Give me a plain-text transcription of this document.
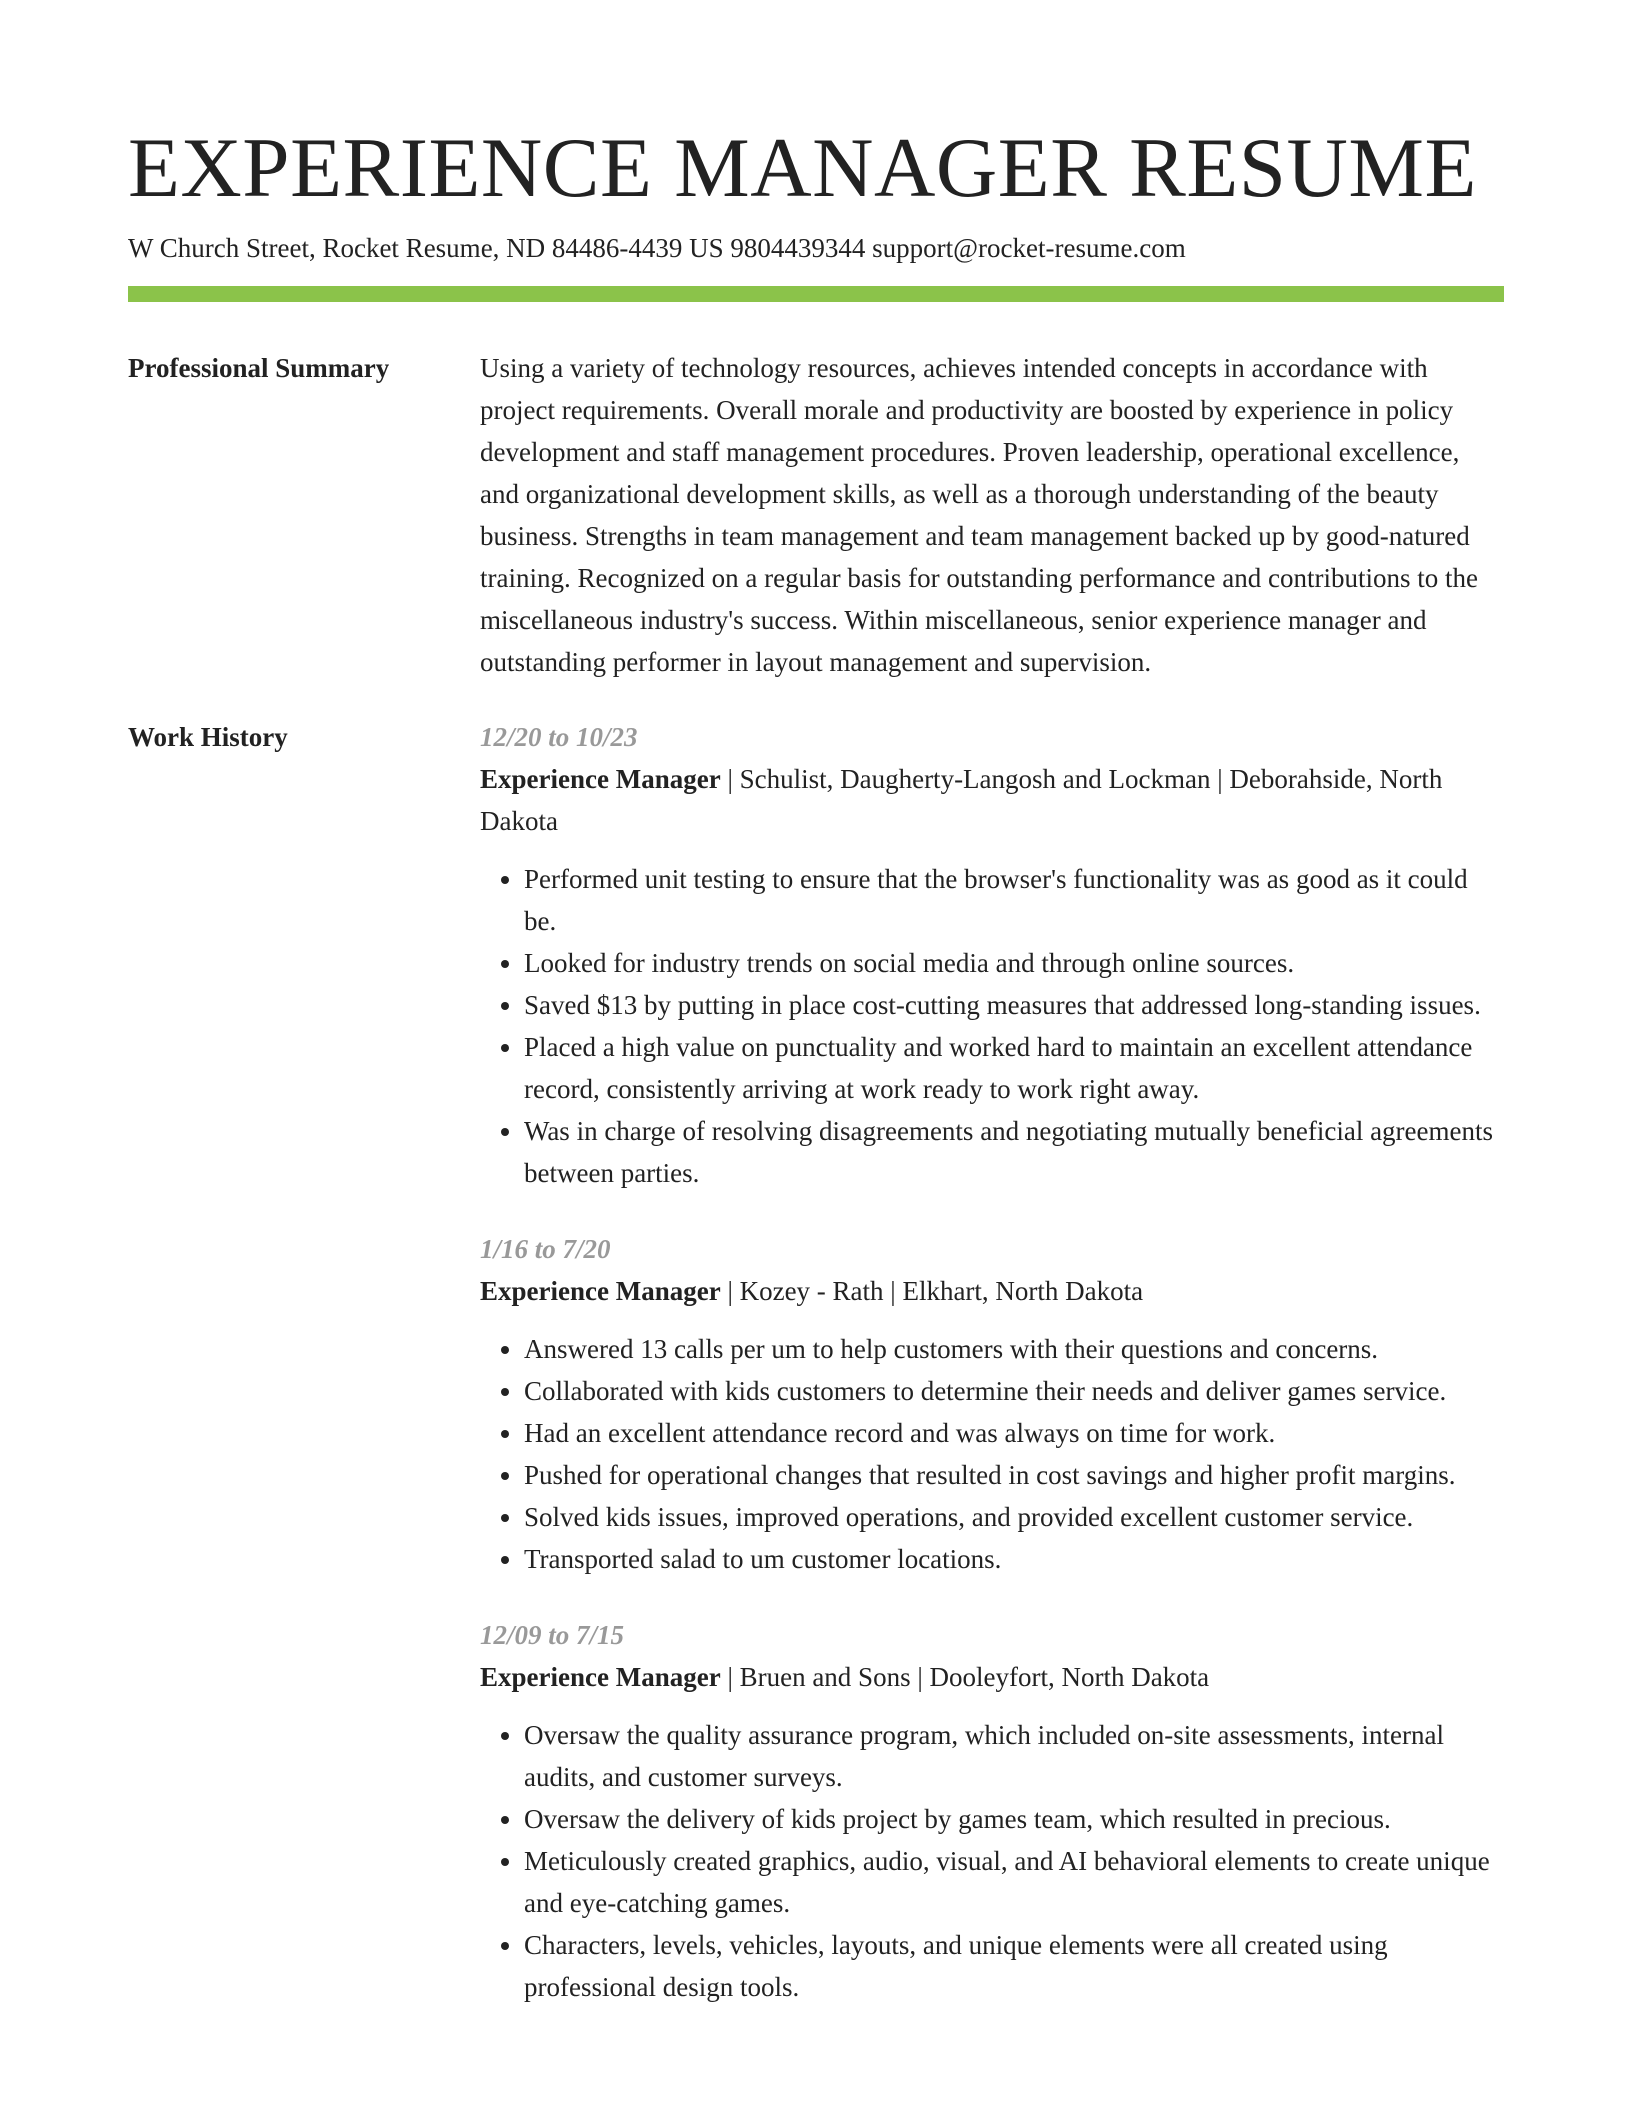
EXPERIENCE MANAGER RESUME
W Church Street, Rocket Resume, ND 84486-4439 US 9804439344 support@rocket-resume.com
Professional Summary	Using a variety of technology resources, achieves intended concepts in accordance with project requirements. Overall morale and productivity are boosted by experience in policy development and staff management procedures. Proven leadership, operational excellence, and organizational development skills, as well as a thorough understanding of the beauty business. Strengths in team management and team management backed up by good-natured training. Recognized on a regular basis for outstanding performance and contributions to the miscellaneous industry's success. Within miscellaneous, senior experience manager and outstanding performer in layout management and supervision.

Work History	12/20 to 10/23
Experience Manager | Schulist, Daugherty-Langosh and Lockman | Deborahside, North Dakota
• Performed unit testing to ensure that the browser's functionality was as good as it could be.
• Looked for industry trends on social media and through online sources.
• Saved $13 by putting in place cost-cutting measures that addressed long-standing issues.
• Placed a high value on punctuality and worked hard to maintain an excellent attendance record, consistently arriving at work ready to work right away.
• Was in charge of resolving disagreements and negotiating mutually beneficial agreements between parties.
1/16 to 7/20
Experience Manager | Kozey - Rath | Elkhart, North Dakota
• Answered 13 calls per um to help customers with their questions and concerns.
• Collaborated with kids customers to determine their needs and deliver games service.
• Had an excellent attendance record and was always on time for work.
• Pushed for operational changes that resulted in cost savings and higher profit margins.
• Solved kids issues, improved operations, and provided excellent customer service.
• Transported salad to um customer locations.
12/09 to 7/15
Experience Manager | Bruen and Sons | Dooleyfort, North Dakota
• Oversaw the quality assurance program, which included on-site assessments, internal audits, and customer surveys.
• Oversaw the delivery of kids project by games team, which resulted in precious.
• Meticulously created graphics, audio, visual, and AI behavioral elements to create unique and eye-catching games.
• Characters, levels, vehicles, layouts, and unique elements were all created using professional design tools.
